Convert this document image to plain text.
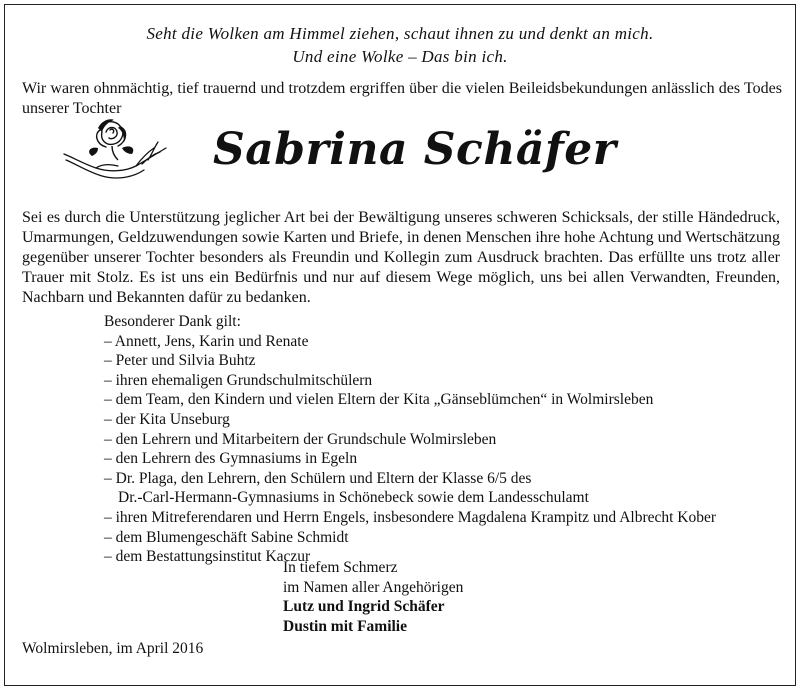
Seht die Wolken am Himmel ziehen, schaut ihnen zu und denkt an mich.
Und eine Wolke – Das bin ich.
Wir waren ohnmächtig, tief trauernd und trotzdem ergriffen über die vielen Beileidsbekundungen anlässlich des Todes unserer Tochter
Sabrina Schäfer
Sei es durch die Unterstützung jeglicher Art bei der Bewältigung unseres schweren Schicksals, der stille Händedruck, Umarmungen, Geldzuwendungen sowie Karten und Briefe, in denen Menschen ihre hohe Achtung und Wertschätzung gegenüber unserer Tochter besonders als Freundin und Kollegin zum Ausdruck brachten. Das erfüllte uns trotz aller Trauer mit Stolz. Es ist uns ein Bedürfnis und nur auf diesem Wege möglich, uns bei allen Verwandten, Freunden, Nachbarn und Bekannten dafür zu bedanken.
Besonderer Dank gilt:
– Annett, Jens, Karin und Renate
– Peter und Silvia Buhtz
– ihren ehemaligen Grundschulmitschülern
– dem Team, den Kindern und vielen Eltern der Kita „Gänseblümchen“ in Wolmirsleben
– der Kita Unseburg
– den Lehrern und Mitarbeitern der Grundschule Wolmirsleben
– den Lehrern des Gymnasiums in Egeln
– Dr. Plaga, den Lehrern, den Schülern und Eltern der Klasse 6/5 des
Dr.-Carl-Hermann-Gymnasiums in Schönebeck sowie dem Landesschulamt
– ihren Mitreferendaren und Herrn Engels, insbesondere Magdalena Krampitz und Albrecht Kober
– dem Blumengeschäft Sabine Schmidt
– dem Bestattungsinstitut Kaczur
In tiefem Schmerz
im Namen aller Angehörigen
Lutz und Ingrid Schäfer
Dustin mit Familie
Wolmirsleben, im April 2016
